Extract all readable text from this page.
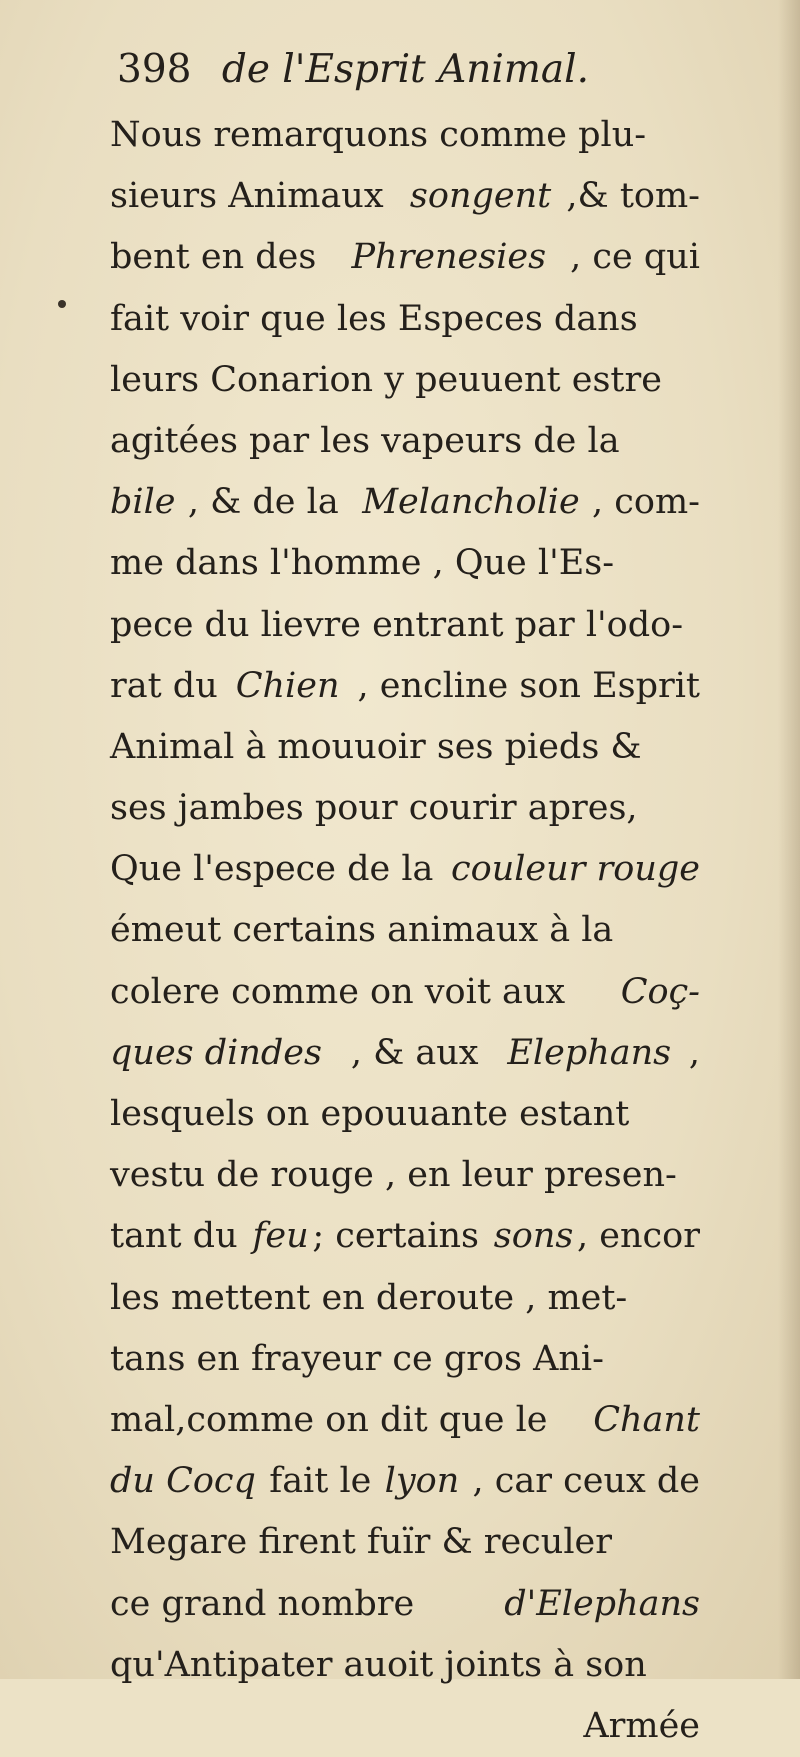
398 de l'Esprit Animal.
Nous remarquons comme plu-
sieurs Animaux songent ,& tom-
bent en des Phrenesies , ce qui
fait voir que les Especes dans
leurs Conarion y peuuent estre
agitées par les vapeurs de la
bile , & de la Melancholie , com-
me dans l'homme , Que l'Es-
pece du lievre entrant par l'odo-
rat du Chien , encline son Esprit
Animal à mouuoir ses pieds &
ses jambes pour courir apres,
Que l'espece de la couleur rouge
émeut certains animaux à la
colere comme on voit aux Coç-
ques dindes , & aux Elephans ,
lesquels on epouuante estant
vestu de rouge , en leur presen-
tant du feu ; certains sons , encor
les mettent en deroute , met-
tans en frayeur ce gros Ani-
mal,comme on dit que le Chant
du Cocq fait le lyon , car ceux de
Megare firent fuïr & reculer
ce grand nombre d'Elephans
qu'Antipater auoit joints à son
Armée
